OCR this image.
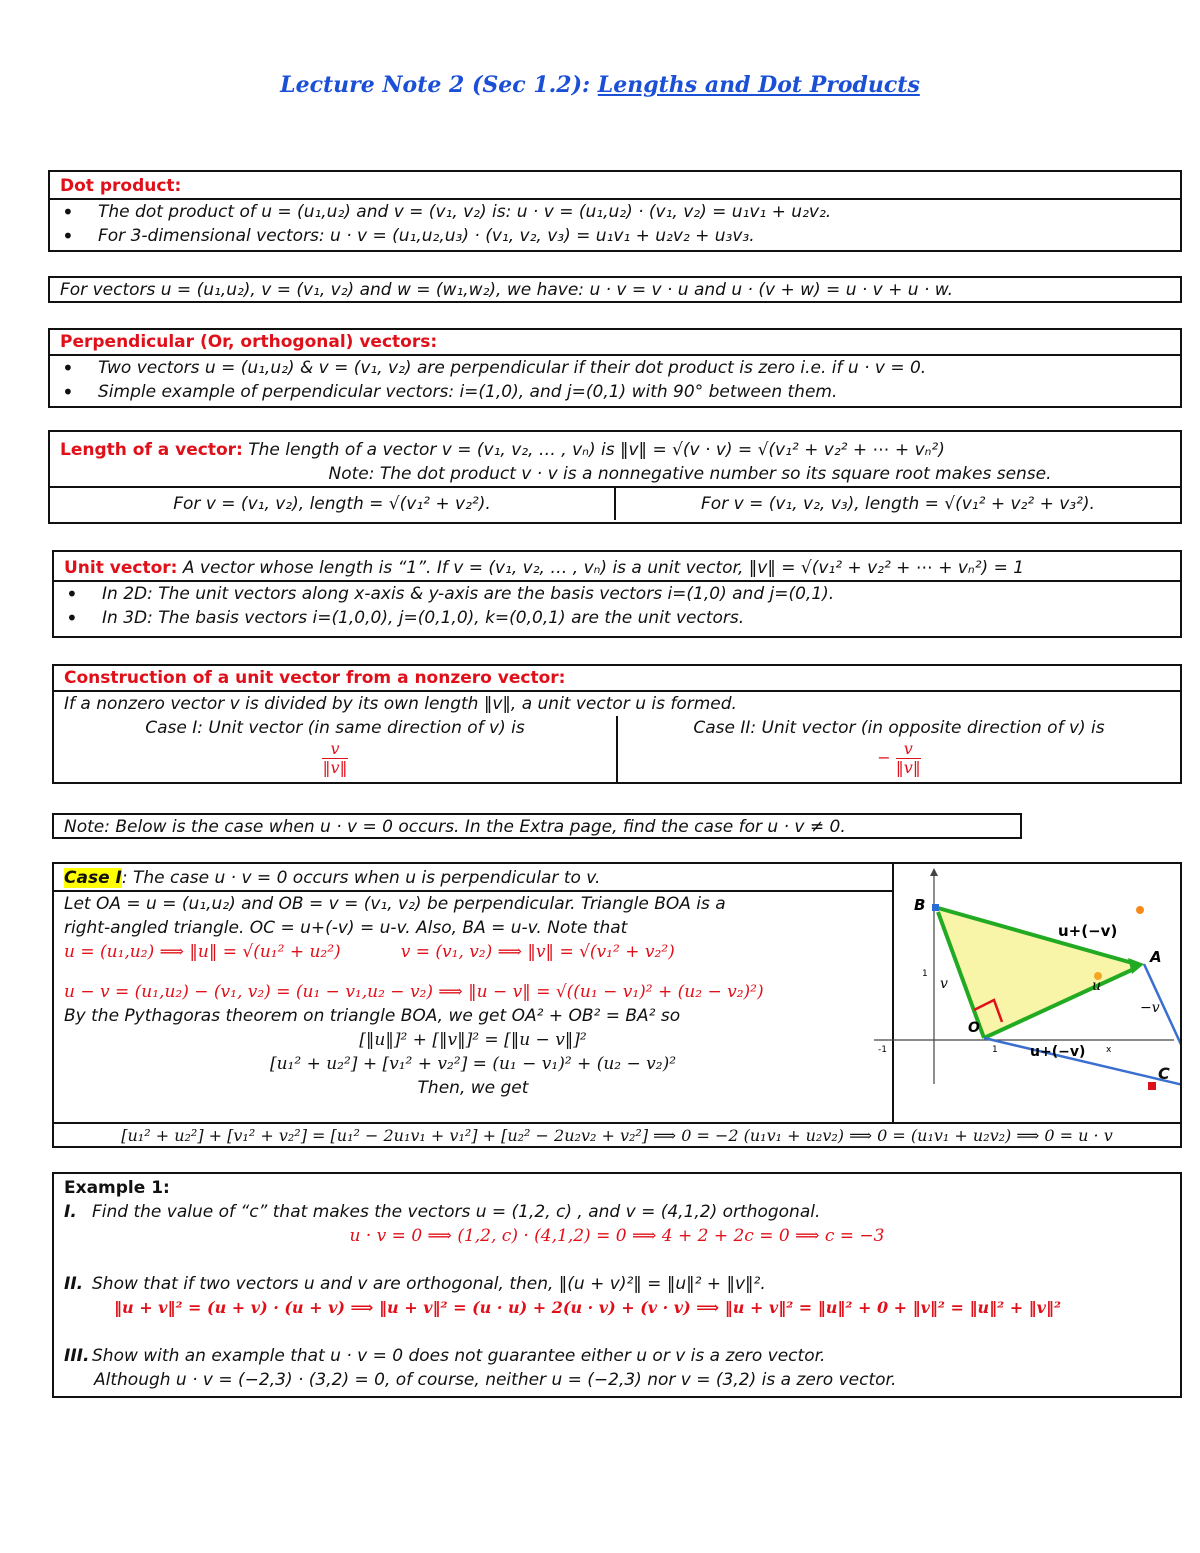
Lecture Note 2 (Sec 1.2): Lengths and Dot Products
Dot product:
• The dot product of u = (u₁,u₂) and v = (v₁, v₂) is: u · v = (u₁,u₂) · (v₁, v₂) = u₁v₁ + u₂v₂.
• For 3-dimensional vectors: u · v = (u₁,u₂,u₃) · (v₁, v₂, v₃) = u₁v₁ + u₂v₂ + u₃v₃.
For vectors u = (u₁,u₂), v = (v₁, v₂) and w = (w₁,w₂), we have: u · v = v · u and u · (v + w) = u · v + u · w.
Perpendicular (Or, orthogonal) vectors:
• Two vectors u = (u₁,u₂) & v = (v₁, v₂) are perpendicular if their dot product is zero i.e. if u · v = 0.
• Simple example of perpendicular vectors: i=(1,0), and j=(0,1) with 90° between them.
Length of a vector: The length of a vector v = (v₁, v₂, … , vₙ) is ‖v‖ = √(v · v) = √(v₁² + v₂² + ⋯ + vₙ²)
Note: The dot product v · v is a nonnegative number so its square root makes sense.
For v = (v₁, v₂), length = √(v₁² + v₂²).	For v = (v₁, v₂, v₃), length = √(v₁² + v₂² + v₃²).
Unit vector: A vector whose length is “1”. If v = (v₁, v₂, … , vₙ) is a unit vector, ‖v‖ = √(v₁² + v₂² + ⋯ + vₙ²) = 1
• In 2D: The unit vectors along x-axis & y-axis are the basis vectors i=(1,0) and j=(0,1).
• In 3D: The basis vectors i=(1,0,0), j=(0,1,0), k=(0,0,1) are the unit vectors.
Construction of a unit vector from a nonzero vector:
If a nonzero vector v is divided by its own length ‖v‖, a unit vector u is formed.
Case I: Unit vector (in same direction of v) is
$\frac{v}{‖v‖}$
Case II: Unit vector (in opposite direction of v) is
− $\frac{v}{‖v‖}$
Note: Below is the case when u · v = 0 occurs. In the Extra page, find the case for u · v ≠ 0.
Case I: The case u · v = 0 occurs when u is perpendicular to v.
Let OA = u = (u₁,u₂) and OB = v = (v₁, v₂) be perpendicular. Triangle BOA is a
right-angled triangle. OC = u+(-v) = u-v. Also, BA = u-v. Note that
u = (u₁,u₂) ⟹ ‖u‖ = √(u₁² + u₂²)	v = (v₁, v₂) ⟹ ‖v‖ = √(v₁² + v₂²)
u − v = (u₁,u₂) − (v₁, v₂) = (u₁ − v₁,u₂ − v₂) ⟹ ‖u − v‖ = √((u₁ − v₁)² + (u₂ − v₂)²)
By the Pythagoras theorem on triangle BOA, we get OA² + OB² = BA² so
[‖u‖]² + [‖v‖]² = [‖u − v‖]²
[u₁² + u₂²] + [v₁² + v₂²] = (u₁ − v₁)² + (u₂ − v₂)²
Then, we get
[u₁² + u₂²] + [v₁² + v₂²] = [u₁² − 2u₁v₁ + v₁²] + [u₂² − 2u₂v₂ + v₂²] ⟹ 0 = −2 (u₁v₁ + u₂v₂) ⟹ 0 = (u₁v₁ + u₂v₂) ⟹ 0 = u · v
1
1
-1	x
B
A
O
u
v
−v
u+(−v)
u+(−v)
C
Example 1:
I. Find the value of “c” that makes the vectors u = (1,2, c) , and v = (4,1,2) orthogonal.
u · v = 0 ⟹ (1,2, c) · (4,1,2) = 0 ⟹ 4 + 2 + 2c = 0 ⟹ c = −3
II. Show that if two vectors u and v are orthogonal, then, ‖(u + v)²‖ = ‖u‖² + ‖v‖².
‖u + v‖² = (u + v) · (u + v) ⟹ ‖u + v‖² = (u · u) + 2(u · v) + (v · v) ⟹ ‖u + v‖² = ‖u‖² + 0 + ‖v‖² = ‖u‖² + ‖v‖²
III. Show with an example that u · v = 0 does not guarantee either u or v is a zero vector.
Although u · v = (−2,3) · (3,2) = 0, of course, neither u = (−2,3) nor v = (3,2) is a zero vector.
